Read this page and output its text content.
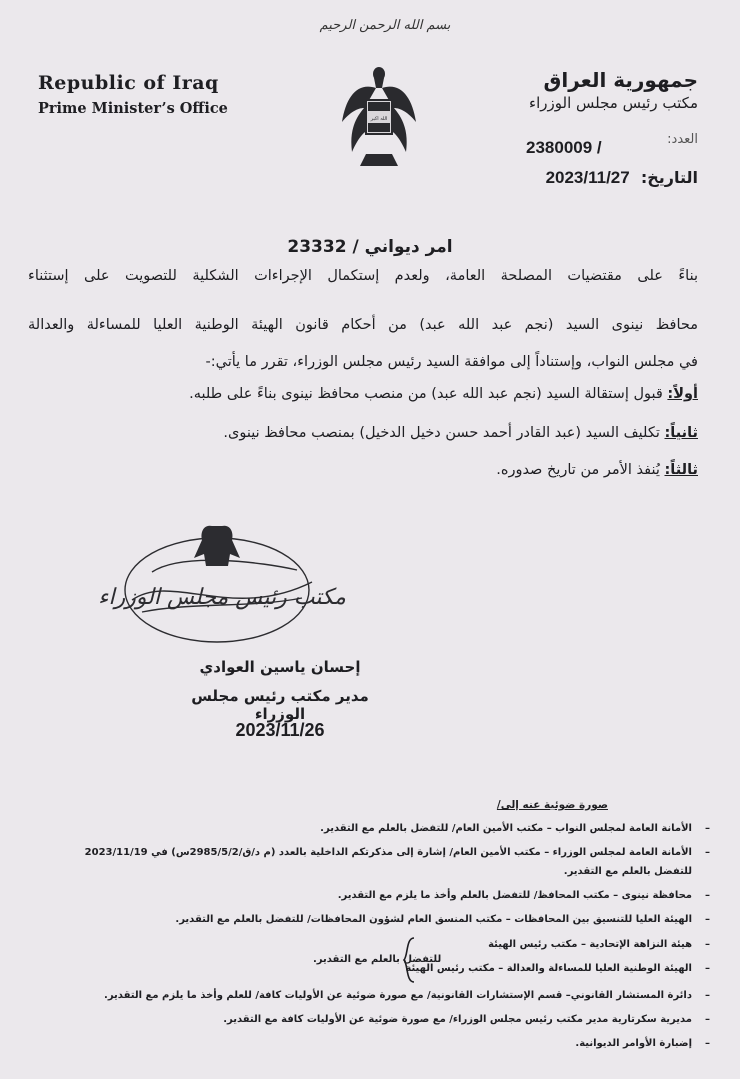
بسم الله الرحمن الرحيم
Republic of Iraq
Prime Minister’s Office
الله اكبر
جمهورية العراق
مكتب رئيس مجلس الوزراء
العدد:
2380009 /
التاريخ: 2023/11/27
امر ديواني / 23332
بناءً على مقتضيات المصلحة العامة، ولعدم إستكمال الإجراءات الشكلية للتصويت على إستثناء
محافظ نينوى السيد (نجم عبد الله عبد) من أحكام قانون الهيئة الوطنية العليا للمساءلة والعدالة
في مجلس النواب، وإستناداً إلى موافقة السيد رئيس مجلس الوزراء، تقرر ما يأتي:-
أولاً: قبول إستقالة السيد (نجم عبد الله عبد) من منصب محافظ نينوى بناءً على طلبه.
ثانياً: تكليف السيد (عبد القادر أحمد حسن دخيل الدخيل) بمنصب محافظ نينوى.
ثالثاً: يُنفذ الأمر من تاريخ صدوره.
مكتب رئيس مجلس الوزراء
إحسان ياسين العوادي
مدير مكتب رئيس مجلس الوزراء
2023/11/26
صورة ضوئية عنه إلى/
–الأمانة العامة لمجلس النواب – مكتب الأمين العام/ للتفضل بالعلم مع التقدير.
–الأمانة العامة لمجلس الوزراء – مكتب الأمين العام/ إشارة إلى مذكرتكم الداخلية بالعدد (م د/ق/2985/5/2س) في 2023/11/19
للتفضل بالعلم مع التقدير.
–محافظة نينوى – مكتب المحافظ/ للتفضل بالعلم وأخذ ما يلزم مع التقدير.
–الهيئة العليا للتنسيق بين المحافظات – مكتب المنسق العام لشؤون المحافظات/ للتفضل بالعلم مع التقدير.
–هيئة النزاهة الإتحادية – مكتب رئيس الهيئة
–الهيئة الوطنية العليا للمساءلة والعدالة – مكتب رئيس الهيئة
للتفضل بالعلم مع التقدير.
–دائرة المستشار القانوني– قسم الإستشارات القانونية/ مع صورة ضوئية عن الأوليات كافة/ للعلم وأخذ ما يلزم مع التقدير.
–مديرية سكرتارية مدير مكتب رئيس مجلس الوزراء/ مع صورة ضوئية عن الأوليات كافة مع التقدير.
–إضبارة الأوامر الديوانية.
